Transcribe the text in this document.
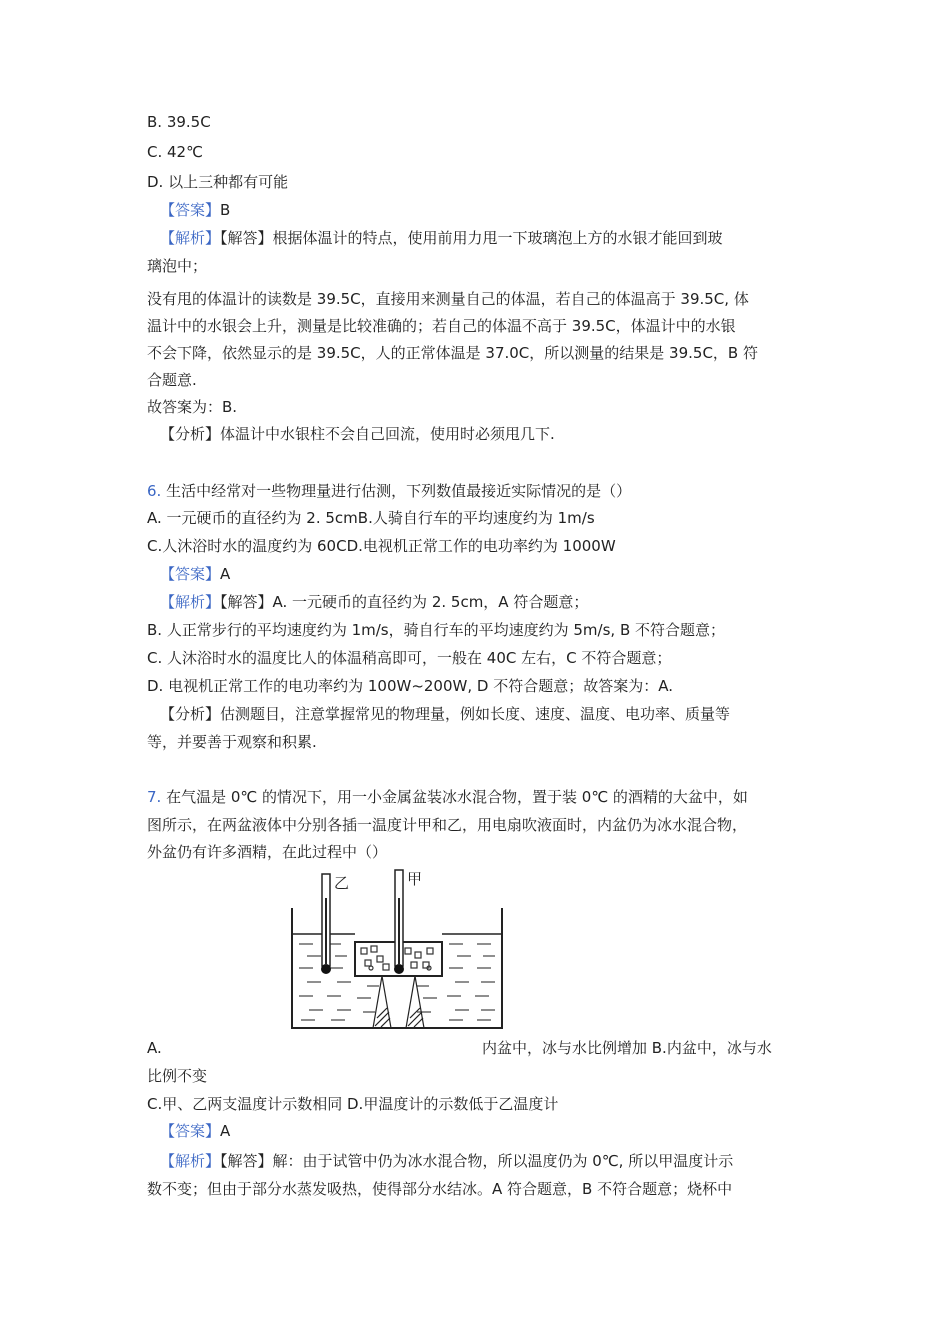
B. 39.5C
C. 42℃
D. 以上三种都有可能
【答案】B
【解析】【解答】根据体温计的特点，使用前用力甩一下玻璃泡上方的水银才能回到玻
璃泡中；
没有甩的体温计的读数是 39.5C，直接用来测量自己的体温，若自己的体温高于 39.5C, 体
温计中的水银会上升，测量是比较准确的；若自己的体温不高于 39.5C，体温计中的水银
不会下降，依然显示的是 39.5C，人的正常体温是 37.0C，所以测量的结果是 39.5C，B 符
合题意.
故答案为：B.
【分析】体温计中水银柱不会自己回流，使用时必须甩几下.
6. 生活中经常对一些物理量进行估测，下列数值最接近实际情况的是（）
A. 一元硬币的直径约为 2. 5cmB.人骑自行车的平均速度约为 1m/s
C.人沐浴时水的温度约为 60CD.电视机正常工作的电功率约为 1000W
【答案】A
【解析】【解答】A. 一元硬币的直径约为 2. 5cm，A 符合题意；
B. 人正常步行的平均速度约为 1m/s，骑自行车的平均速度约为 5m/s, B 不符合题意；
C. 人沐浴时水的温度比人的体温稍高即可，一般在 40C 左右，C 不符合题意；
D. 电视机正常工作的电功率约为 100W~200W, D 不符合题意；故答案为：A.
【分析】估测题目，注意掌握常见的物理量，例如长度、速度、温度、电功率、质量等
等，并要善于观察和积累.
7. 在气温是 0℃ 的情况下，用一小金属盆装冰水混合物，置于装 0℃ 的酒精的大盆中，如
图所示，在两盆液体中分别各插一温度计甲和乙，用电扇吹液面时，内盆仍为冰水混合物，
外盆仍有许多酒精，在此过程中（）
乙	甲
A.	内盆中，冰与水比例增加 B.内盆中，冰与水
比例不变
C.甲、乙两支温度计示数相同 D.甲温度计的示数低于乙温度计
【答案】A
【解析】【解答】解：由于试管中仍为冰水混合物，所以温度仍为 0℃, 所以甲温度计示
数不变；但由于部分水蒸发吸热，使得部分水结冰。A 符合题意，B 不符合题意；烧杯中
